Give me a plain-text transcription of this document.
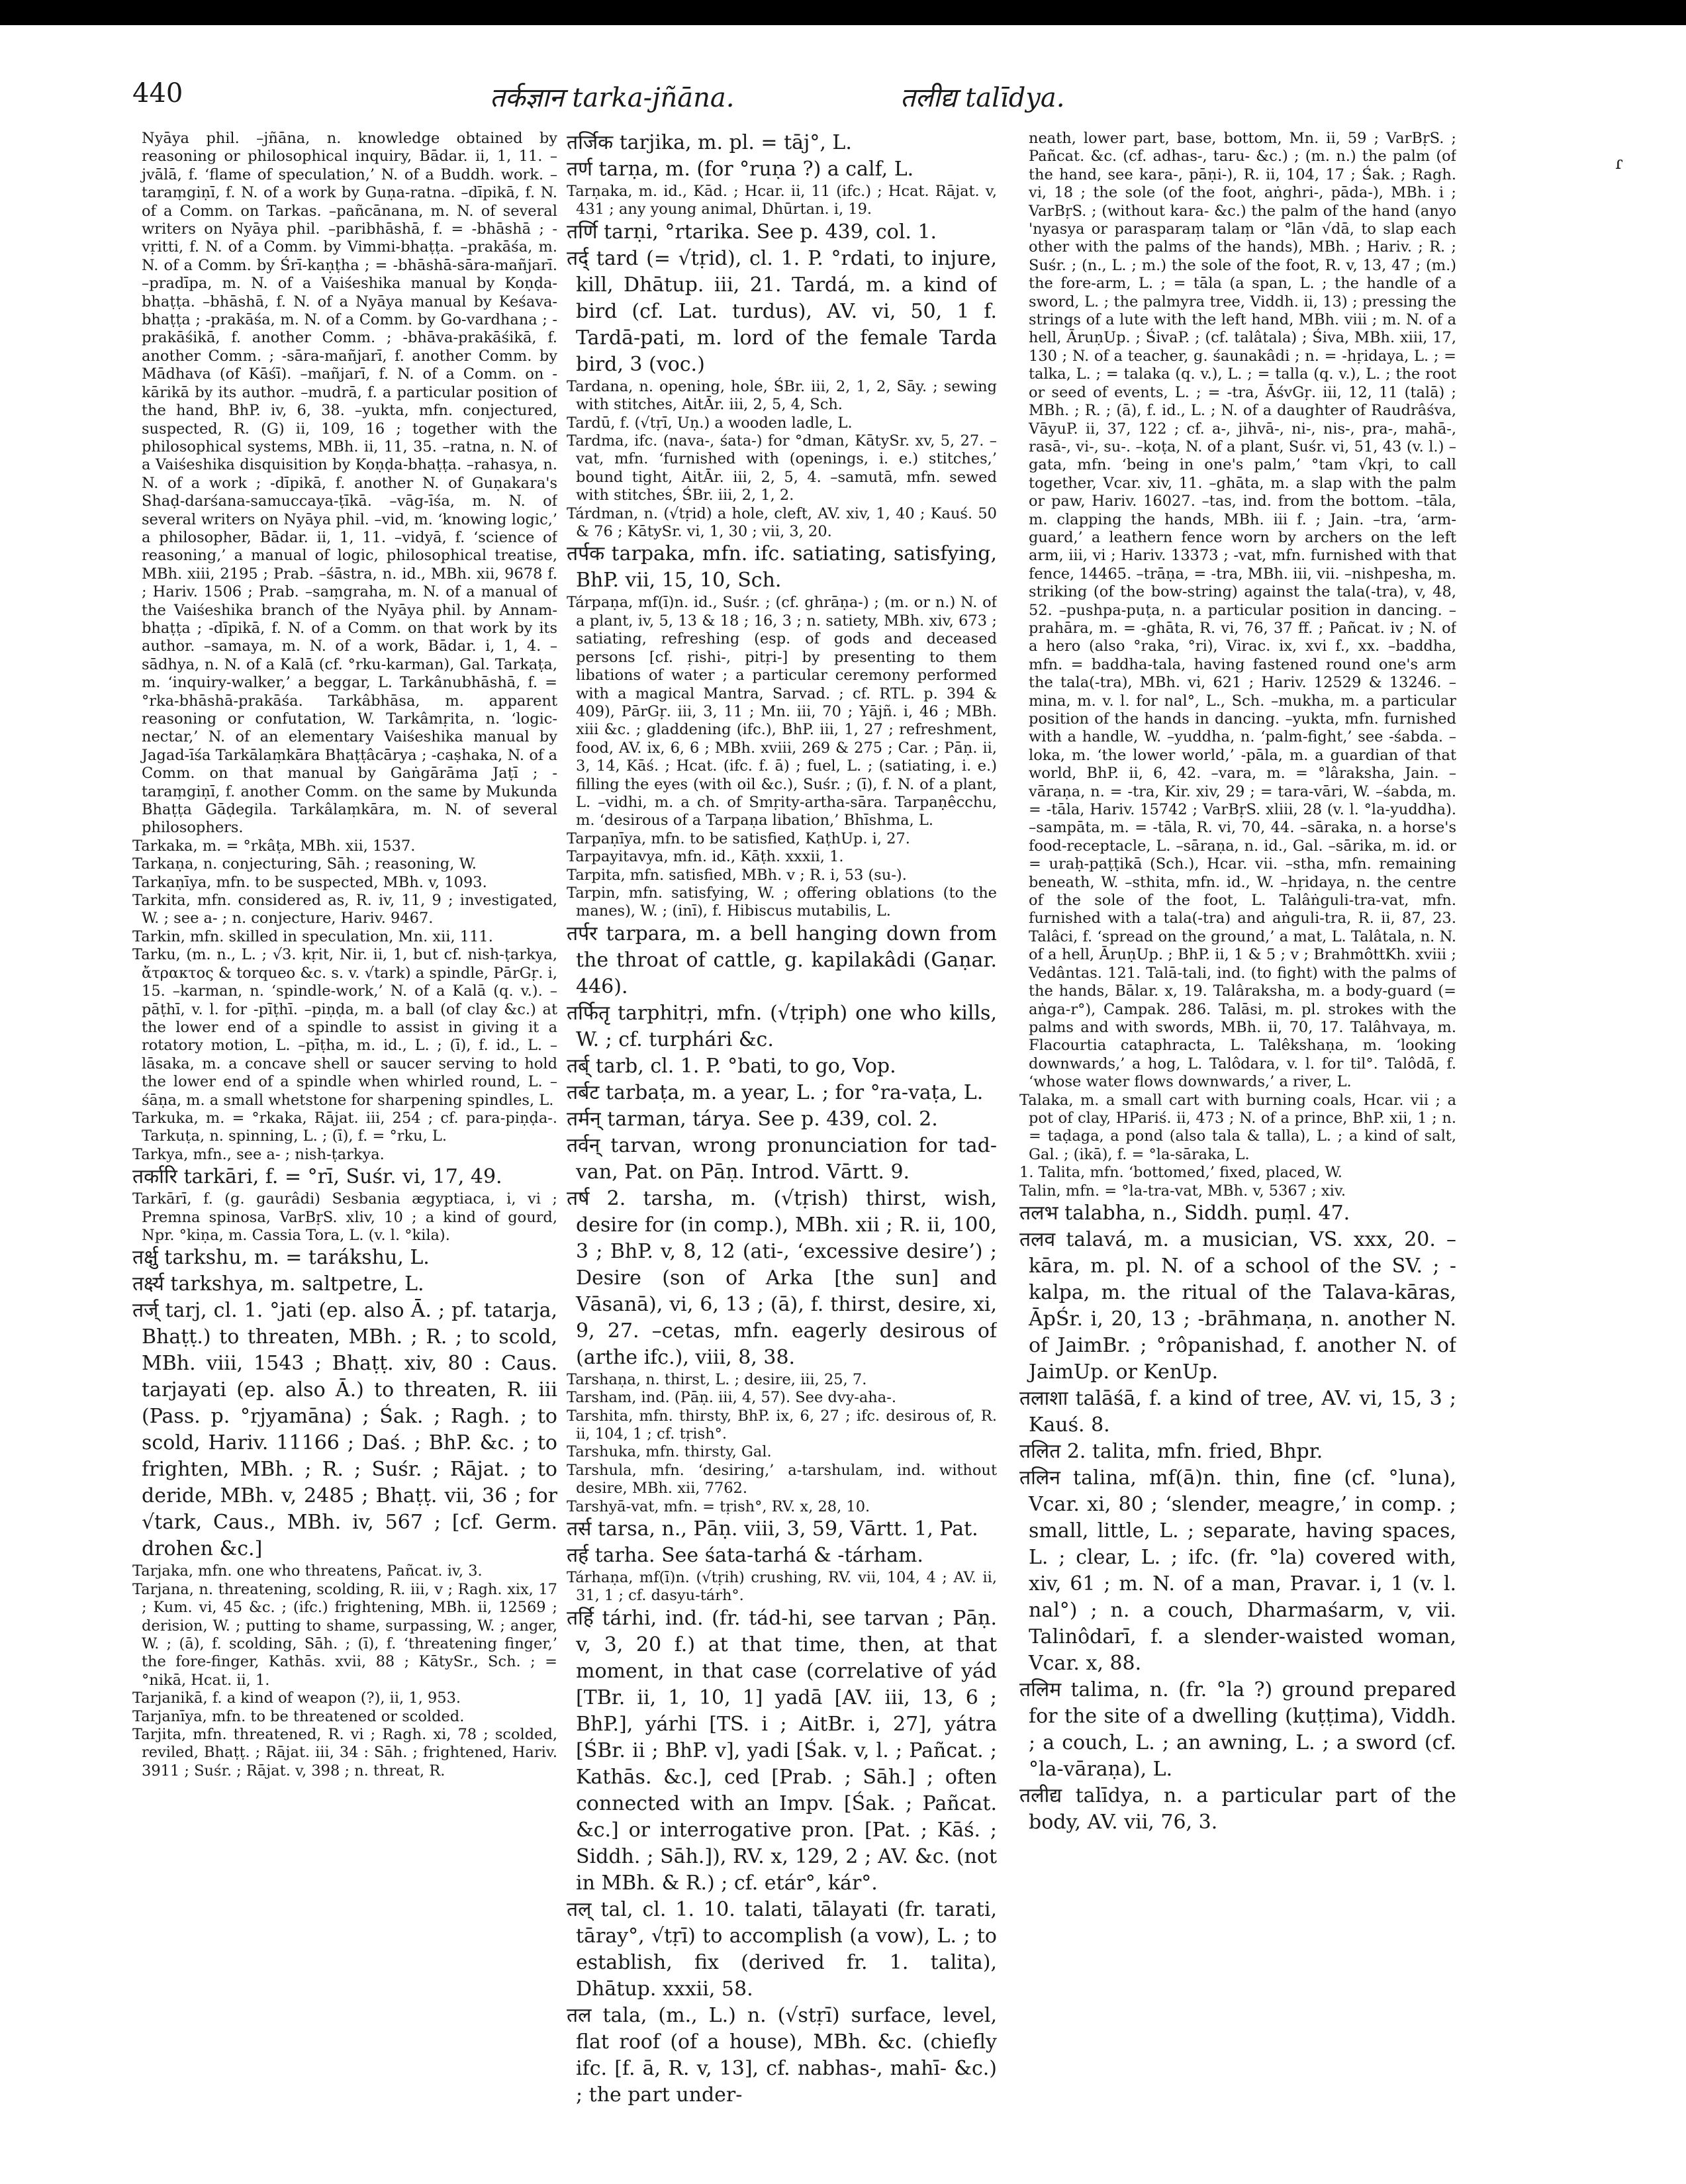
440	तर्कज्ञान tarka-jñāna.	तलीद्य talīdya.
ɾ

Nyāya phil. –jñāna, n. knowledge obtained by reasoning or philosophical inquiry, Bādar. ii, 1, 11. –jvālā, f. ‘flame of speculation,’ N. of a Buddh. work. –taraṃgiṇī, f. N. of a work by Guṇa-ratna. –dīpikā, f. N. of a Comm. on Tarkas. –pañcānana, m. N. of several writers on Nyāya phil. –paribhāshā, f. = -bhāshā ; -vṛitti, f. N. of a Comm. by Vimmi-bhaṭṭa. –prakāśa, m. N. of a Comm. by Śrī-kaṇṭha ; = -bhāshā-sāra-mañjarī. –pradīpa, m. N. of a Vaiśeshika manual by Koṇḍa-bhaṭṭa. –bhāshā, f. N. of a Nyāya manual by Keśava-bhaṭṭa ; -prakāśa, m. N. of a Comm. by Go-vardhana ; -prakāśikā, f. another Comm. ; -bhāva-prakāśikā, f. another Comm. ; -sāra-mañjarī, f. another Comm. by Mādhava (of Kāśī). –mañjarī, f. N. of a Comm. on -kārikā by its author. –mudrā, f. a particular position of the hand, BhP. iv, 6, 38. –yukta, mfn. conjectured, suspected, R. (G) ii, 109, 16 ; together with the philosophical systems, MBh. ii, 11, 35. –ratna, n. N. of a Vaiśeshika disquisition by Koṇḍa-bhaṭṭa. –rahasya, n. N. of a work ; -dīpikā, f. another N. of Guṇakara's Shaḍ-darśana-samuccaya-ṭīkā. –vāg-īśa, m. N. of several writers on Nyāya phil. –vid, m. ‘knowing logic,’ a philosopher, Bādar. ii, 1, 11. –vidyā, f. ‘science of reasoning,’ a manual of logic, philosophical treatise, MBh. xiii, 2195 ; Prab. –śāstra, n. id., MBh. xii, 9678 f. ; Hariv. 1506 ; Prab. –saṃgraha, m. N. of a manual of the Vaiśeshika branch of the Nyāya phil. by Annam-bhaṭṭa ; -dīpikā, f. N. of a Comm. on that work by its author. –samaya, m. N. of a work, Bādar. i, 1, 4. –sādhya, n. N. of a Kalā (cf. °rku-karman), Gal. Tarkaṭa, m. ‘inquiry-walker,’ a beggar, L. Tarkânubhāshā, f. = °rka-bhāshā-prakāśa. Tarkâbhāsa, m. apparent reasoning or confutation, W. Tarkâmṛita, n. ‘logic-nectar,’ N. of an elementary Vaiśeshika manual by Jagad-īśa Tarkālaṃkāra Bhaṭṭâcārya ; -caṣhaka, N. of a Comm. on that manual by Gaṅgārāma Jaṭī ; -taraṃgiṇī, f. another Comm. on the same by Mukunda Bhaṭṭa Gāḍegila. Tarkâlaṃkāra, m. N. of several philosophers.

Tarkaka, m. = °rkâṭa, MBh. xii, 1537.

Tarkaṇa, n. conjecturing, Sāh. ; reasoning, W.

Tarkaṇīya, mfn. to be suspected, MBh. v, 1093.

Tarkita, mfn. considered as, R. iv, 11, 9 ; investigated, W. ; see a- ; n. conjecture, Hariv. 9467.

Tarkin, mfn. skilled in speculation, Mn. xii, 111.

Tarku, (m. n., L. ; √3. kṛit, Nir. ii, 1, but cf. nish-ṭarkya, ἄτρακτος & torqueo &c. s. v. √tark) a spindle, PārGṛ. i, 15. –karman, n. ‘spindle-work,’ N. of a Kalā (q. v.). –pāṭhī, v. l. for -pīṭhī. –piṇḍa, m. a ball (of clay &c.) at the lower end of a spindle to assist in giving it a rotatory motion, L. –pīṭha, m. id., L. ; (ī), f. id., L. –lāsaka, m. a concave shell or saucer serving to hold the lower end of a spindle when whirled round, L. –śāṇa, m. a small whetstone for sharpening spindles, L.

Tarkuka, m. = °rkaka, Rājat. iii, 254 ; cf. para-piṇḍa-. Tarkuṭa, n. spinning, L. ; (ī), f. = °rku, L.

Tarkya, mfn., see a- ; nish-ṭarkya.

तर्कारि tarkāri, f. = °rī, Suśr. vi, 17, 49.

Tarkārī, f. (g. gaurâdi) Sesbania ægyptiaca, i, vi ; Premna spinosa, VarBṛS. xliv, 10 ; a kind of gourd, Npr. °kiṇa, m. Cassia Tora, L. (v. l. °kila).

तर्क्षु tarkshu, m. = tarákshu, L.

तर्क्ष्य tarkshya, m. saltpetre, L.

तर्ज् tarj, cl. 1. °jati (ep. also Ā. ; pf. tatarja, Bhaṭṭ.) to threaten, MBh. ; R. ; to scold, MBh. viii, 1543 ; Bhaṭṭ. xiv, 80 : Caus. tarjayati (ep. also Ā.) to threaten, R. iii (Pass. p. °rjyamāna) ; Śak. ; Ragh. ; to scold, Hariv. 11166 ; Daś. ; BhP. &c. ; to frighten, MBh. ; R. ; Suśr. ; Rājat. ; to deride, MBh. v, 2485 ; Bhaṭṭ. vii, 36 ; for √tark, Caus., MBh. iv, 567 ; [cf. Germ. drohen &c.]

Tarjaka, mfn. one who threatens, Pañcat. iv, 3.

Tarjana, n. threatening, scolding, R. iii, v ; Ragh. xix, 17 ; Kum. vi, 45 &c. ; (ifc.) frightening, MBh. ii, 12569 ; derision, W. ; putting to shame, surpassing, W. ; anger, W. ; (ā), f. scolding, Sāh. ; (ī), f. ‘threatening finger,’ the fore-finger, Kathās. xvii, 88 ; KātySr., Sch. ; = °nikā, Hcat. ii, 1.

Tarjanikā, f. a kind of weapon (?), ii, 1, 953.

Tarjanīya, mfn. to be threatened or scolded.

Tarjita, mfn. threatened, R. vi ; Ragh. xi, 78 ; scolded, reviled, Bhaṭṭ. ; Rājat. iii, 34 : Sāh. ; frightened, Hariv. 3911 ; Suśr. ; Rājat. v, 398 ; n. threat, R.

तर्जिक tarjika, m. pl. = tāj°, L.

तर्ण tarṇa, m. (for °ruṇa ?) a calf, L.

Tarṇaka, m. id., Kād. ; Hcar. ii, 11 (ifc.) ; Hcat. Rājat. v, 431 ; any young animal, Dhūrtan. i, 19.

तर्णि tarṇi, °rtarika. See p. 439, col. 1.

तर्द् tard (= √tṛid), cl. 1. P. °rdati, to injure, kill, Dhātup. iii, 21. Tardá, m. a kind of bird (cf. Lat. turdus), AV. vi, 50, 1 f. Tardā-pati, m. lord of the female Tarda bird, 3 (voc.)

Tardana, n. opening, hole, ŚBr. iii, 2, 1, 2, Sāy. ; sewing with stitches, AitĀr. iii, 2, 5, 4, Sch.

Tardū, f. (√tṛī, Uṇ.) a wooden ladle, L.

Tardma, ifc. (nava-, śata-) for °dman, KātySr. xv, 5, 27. –vat, mfn. ‘furnished with (openings, i. e.) stitches,’ bound tight, AitĀr. iii, 2, 5, 4. –samutā, mfn. sewed with stitches, ŚBr. iii, 2, 1, 2.

Tárdman, n. (√tṛid) a hole, cleft, AV. xiv, 1, 40 ; Kauś. 50 & 76 ; KātySr. vi, 1, 30 ; vii, 3, 20.

तर्पक tarpaka, mfn. ifc. satiating, satisfying, BhP. vii, 15, 10, Sch.

Tárpaṇa, mf(ī)n. id., Suśr. ; (cf. ghrāṇa-) ; (m. or n.) N. of a plant, iv, 5, 13 & 18 ; 16, 3 ; n. satiety, MBh. xiv, 673 ; satiating, refreshing (esp. of gods and deceased persons [cf. ṛishi-, pitṛi-] by presenting to them libations of water ; a particular ceremony performed with a magical Mantra, Sarvad. ; cf. RTL. p. 394 & 409), PārGṛ. iii, 3, 11 ; Mn. iii, 70 ; Yājñ. i, 46 ; MBh. xiii &c. ; gladdening (ifc.), BhP. iii, 1, 27 ; refreshment, food, AV. ix, 6, 6 ; MBh. xviii, 269 & 275 ; Car. ; Pāṇ. ii, 3, 14, Kāś. ; Hcat. (ifc. f. ā) ; fuel, L. ; (satiating, i. e.) filling the eyes (with oil &c.), Suśr. ; (ī), f. N. of a plant, L. –vidhi, m. a ch. of Smṛity-artha-sāra. Tarpaṇêcchu, m. ‘desirous of a Tarpaṇa libation,’ Bhīshma, L.

Tarpaṇīya, mfn. to be satisfied, KaṭhUp. i, 27.

Tarpayitavya, mfn. id., Kāṭh. xxxii, 1.

Tarpita, mfn. satisfied, MBh. v ; R. i, 53 (su-).

Tarpin, mfn. satisfying, W. ; offering oblations (to the manes), W. ; (inī), f. Hibiscus mutabilis, L.

तर्पर tarpara, m. a bell hanging down from the throat of cattle, g. kapilakâdi (Gaṇar. 446).

तर्फितृ tarphitṛi, mfn. (√tṛiph) one who kills, W. ; cf. turphári &c.

तर्ब् tarb, cl. 1. P. °bati, to go, Vop.

तर्बट tarbaṭa, m. a year, L. ; for °ra-vaṭa, L.

तर्मन् tarman, tárya. See p. 439, col. 2.

तर्वन् tarvan, wrong pronunciation for tad-van, Pat. on Pāṇ. Introd. Vārtt. 9.

तर्ष 2. tarsha, m. (√tṛish) thirst, wish, desire for (in comp.), MBh. xii ; R. ii, 100, 3 ; BhP. v, 8, 12 (ati-, ‘excessive desire’) ; Desire (son of Arka [the sun] and Vāsanā), vi, 6, 13 ; (ā), f. thirst, desire, xi, 9, 27. –cetas, mfn. eagerly desirous of (arthe ifc.), viii, 8, 38.

Tarshaṇa, n. thirst, L. ; desire, iii, 25, 7.

Tarsham, ind. (Pāṇ. iii, 4, 57). See dvy-aha-.

Tarshita, mfn. thirsty, BhP. ix, 6, 27 ; ifc. desirous of, R. ii, 104, 1 ; cf. tṛish°.

Tarshuka, mfn. thirsty, Gal.

Tarshula, mfn. ‘desiring,’ a-tarshulam, ind. without desire, MBh. xii, 7762.

Tarshyā-vat, mfn. = tṛish°, RV. x, 28, 10.

तर्स tarsa, n., Pāṇ. viii, 3, 59, Vārtt. 1, Pat.

तर्ह tarha. See śata-tarhá & -tárham.

Tárhaṇa, mf(ī)n. (√tṛih) crushing, RV. vii, 104, 4 ; AV. ii, 31, 1 ; cf. dasyu-tárh°.

तर्हि tárhi, ind. (fr. tád-hi, see tarvan ; Pāṇ. v, 3, 20 f.) at that time, then, at that moment, in that case (correlative of yád [TBr. ii, 1, 10, 1] yadā [AV. iii, 13, 6 ; BhP.], yárhi [TS. i ; AitBr. i, 27], yátra [ŚBr. ii ; BhP. v], yadi [Śak. v, l. ; Pañcat. ; Kathās. &c.], ced [Prab. ; Sāh.] ; often connected with an Impv. [Śak. ; Pañcat. &c.] or interrogative pron. [Pat. ; Kāś. ; Siddh. ; Sāh.]), RV. x, 129, 2 ; AV. &c. (not in MBh. & R.) ; cf. etár°, kár°.

तल् tal, cl. 1. 10. talati, tālayati (fr. tarati, tāray°, √tṛī) to accomplish (a vow), L. ; to establish, fix (derived fr. 1. talita), Dhātup. xxxii, 58.

तल tala, (m., L.) n. (√stṛī) surface, level, flat roof (of a house), MBh. &c. (chiefly ifc. [f. ā, R. v, 13], cf. nabhas-, mahī- &c.) ; the part under-

neath, lower part, base, bottom, Mn. ii, 59 ; VarBṛS. ; Pañcat. &c. (cf. adhas-, taru- &c.) ; (m. n.) the palm (of the hand, see kara-, pāṇi-), R. ii, 104, 17 ; Śak. ; Ragh. vi, 18 ; the sole (of the foot, aṅghri-, pāda-), MBh. i ; VarBṛS. ; (without kara- &c.) the palm of the hand (anyo 'nyasya or parasparaṃ talaṃ or °lān √dā, to slap each other with the palms of the hands), MBh. ; Hariv. ; R. ; Suśr. ; (n., L. ; m.) the sole of the foot, R. v, 13, 47 ; (m.) the fore-arm, L. ; = tāla (a span, L. ; the handle of a sword, L. ; the palmyra tree, Viddh. ii, 13) ; pressing the strings of a lute with the left hand, MBh. viii ; m. N. of a hell, ĀruṇUp. ; ŚivaP. ; (cf. talâtala) ; Śiva, MBh. xiii, 17, 130 ; N. of a teacher, g. śaunakâdi ; n. = -hṛidaya, L. ; = talka, L. ; = talaka (q. v.), L. ; = talla (q. v.), L. ; the root or seed of events, L. ; = -tra, ĀśvGṛ. iii, 12, 11 (talā) ; MBh. ; R. ; (ā), f. id., L. ; N. of a daughter of Raudrâśva, VāyuP. ii, 37, 122 ; cf. a-, jihvā-, ni-, nis-, pra-, mahā-, rasā-, vi-, su-. –koṭa, N. of a plant, Suśr. vi, 51, 43 (v. l.) –gata, mfn. ‘being in one's palm,’ °tam √kṛi, to call together, Vcar. xiv, 11. –ghāta, m. a slap with the palm or paw, Hariv. 16027. –tas, ind. from the bottom. –tāla, m. clapping the hands, MBh. iii f. ; Jain. –tra, ‘arm-guard,’ a leathern fence worn by archers on the left arm, iii, vi ; Hariv. 13373 ; -vat, mfn. furnished with that fence, 14465. –trāṇa, = -tra, MBh. iii, vii. –nishpesha, m. striking (of the bow-string) against the tala(-tra), v, 48, 52. –pushpa-puṭa, n. a particular position in dancing. –prahāra, m. = -ghāta, R. vi, 76, 37 ff. ; Pañcat. iv ; N. of a hero (also °raka, °ri), Virac. ix, xvi f., xx. –baddha, mfn. = baddha-tala, having fastened round one's arm the tala(-tra), MBh. vi, 621 ; Hariv. 12529 & 13246. –mina, m. v. l. for nal°, L., Sch. –mukha, m. a particular position of the hands in dancing. –yukta, mfn. furnished with a handle, W. –yuddha, n. ‘palm-fight,’ see -śabda. –loka, m. ‘the lower world,’ -pāla, m. a guardian of that world, BhP. ii, 6, 42. –vara, m. = °lâraksha, Jain. –vāraṇa, n. = -tra, Kir. xiv, 29 ; = tara-vāri, W. –śabda, m. = -tāla, Hariv. 15742 ; VarBṛS. xliii, 28 (v. l. °la-yuddha). –sampāta, m. = -tāla, R. vi, 70, 44. –sāraka, n. a horse's food-receptacle, L. –sāraṇa, n. id., Gal. –sārika, m. id. or = uraḥ-paṭṭikā (Sch.), Hcar. vii. –stha, mfn. remaining beneath, W. –sthita, mfn. id., W. –hṛidaya, n. the centre of the sole of the foot, L. Talâṅguli-tra-vat, mfn. furnished with a tala(-tra) and aṅguli-tra, R. ii, 87, 23. Talâci, f. ‘spread on the ground,’ a mat, L. Talâtala, n. N. of a hell, ĀruṇUp. ; BhP. ii, 1 & 5 ; v ; BrahmôttKh. xviii ; Vedântas. 121. Talā-tali, ind. (to fight) with the palms of the hands, Bālar. x, 19. Talâraksha, m. a body-guard (= aṅga-r°), Campak. 286. Talāsi, m. pl. strokes with the palms and with swords, MBh. ii, 70, 17. Talâhvaya, m. Flacourtia cataphracta, L. Talêkshaṇa, m. ‘looking downwards,’ a hog, L. Talôdara, v. l. for til°. Talôdā, f. ‘whose water flows downwards,’ a river, L.

Talaka, m. a small cart with burning coals, Hcar. vii ; a pot of clay, HPariś. ii, 473 ; N. of a prince, BhP. xii, 1 ; n. = taḍaga, a pond (also tala & talla), L. ; a kind of salt, Gal. ; (ikā), f. = °la-sāraka, L.

1. Talita, mfn. ‘bottomed,’ fixed, placed, W.

Talin, mfn. = °la-tra-vat, MBh. v, 5367 ; xiv.

तलभ talabha, n., Siddh. puṃl. 47.

तलव talavá, m. a musician, VS. xxx, 20. –kāra, m. pl. N. of a school of the SV. ; -kalpa, m. the ritual of the Talava-kāras, ĀpŚr. i, 20, 13 ; -brāhmaṇa, n. another N. of JaimBr. ; °rôpanishad, f. another N. of JaimUp. or KenUp.

तलाशा talāśā, f. a kind of tree, AV. vi, 15, 3 ; Kauś. 8.

तलित 2. talita, mfn. fried, Bhpr.

तलिन talina, mf(ā)n. thin, fine (cf. °luna), Vcar. xi, 80 ; ‘slender, meagre,’ in comp. ; small, little, L. ; separate, having spaces, L. ; clear, L. ; ifc. (fr. °la) covered with, xiv, 61 ; m. N. of a man, Pravar. i, 1 (v. l. nal°) ; n. a couch, Dharmaśarm, v, vii. Talinôdarī, f. a slender-waisted woman, Vcar. x, 88.

तलिम talima, n. (fr. °la ?) ground prepared for the site of a dwelling (kuṭṭima), Viddh. ; a couch, L. ; an awning, L. ; a sword (cf. °la-vāraṇa), L.

तलीद्य talīdya, n. a particular part of the body, AV. vii, 76, 3.
